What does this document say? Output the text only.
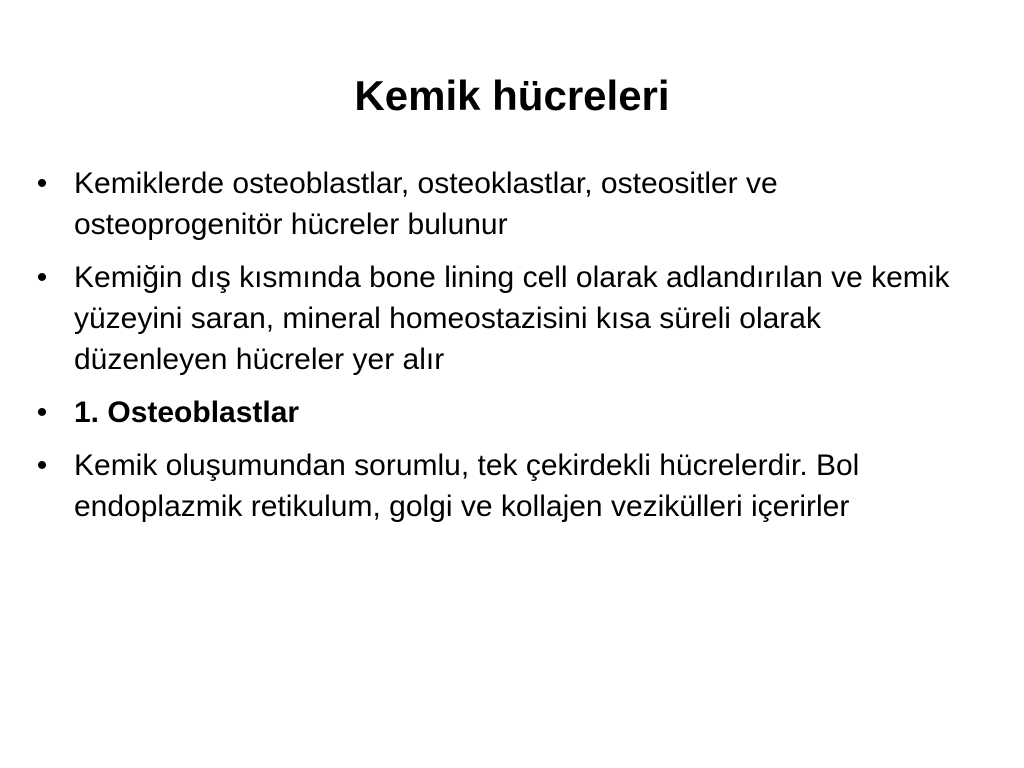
Kemik hücreleri
• Kemiklerde osteoblastlar, osteoklastlar, osteositler ve osteoprogenitör hücreler bulunur
• Kemiğin dış kısmında bone lining cell olarak adlandırılan ve kemik yüzeyini saran, mineral homeostazisini kısa süreli olarak düzenleyen hücreler yer alır
• 1. Osteoblastlar
• Kemik oluşumundan sorumlu, tek çekirdekli hücrelerdir. Bol endoplazmik retikulum, golgi ve kollajen vezikülleri içerirler
